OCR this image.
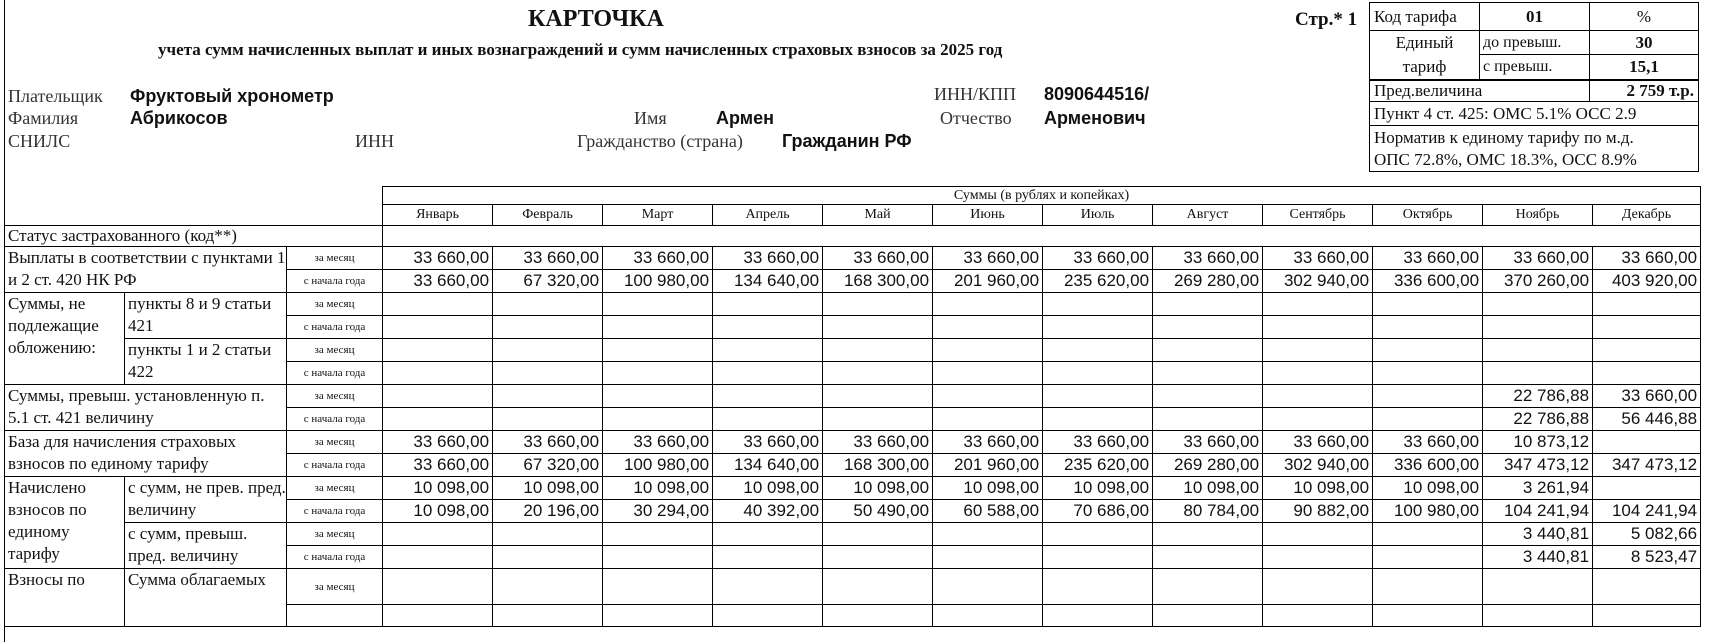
КАРТОЧКА
учета сумм начисленных выплат и иных вознаграждений и сумм начисленных страховых взносов за 2025 год
Стр.* 1
Плательщик Фруктовый хронометр	ИНН/КПП 8090644516/
Фамилия	Абрикосов	Имя	Армен	Отчество Арменович
СНИЛС	ИНН	Гражданство (страна) Гражданин РФ
Код тарифа	01	%
Единый
тариф	до превыш.	30
	с превыш.	15,1
Пред.величина		2 759 т.р.
Пункт 4 ст. 425: ОМС 5.1% ОСС 2.9		
Норматив к единому тарифу по м.д.
ОПС 72.8%, ОМС 18.3%, ОСС 8.9%		
			Суммы (в рублях и копейках)											
			Январь	Февраль	Март	Апрель	Май	Июнь	Июль	Август	Сентябрь	Октябрь	Ноябрь	Декабрь
Статус застрахованного (код**)														
Выплаты в соответствии с пунктами 1 и 2 ст. 420 НК РФ		за месяц	33 660,00	33 660,00	33 660,00	33 660,00	33 660,00	33 660,00	33 660,00	33 660,00	33 660,00	33 660,00	33 660,00	33 660,00
		с начала года	33 660,00	67 320,00	100 980,00	134 640,00	168 300,00	201 960,00	235 620,00	269 280,00	302 940,00	336 600,00	370 260,00	403 920,00
Суммы, не подлежащие обложению:	пункты 8 и 9 статьи 421	за месяц												
		с начала года												
	пункты 1 и 2 статьи 422	за месяц												
		с начала года												
Суммы, превыш. установленную п. 5.1 ст. 421 величину		за месяц											22 786,88	33 660,00
		с начала года											22 786,88	56 446,88
База для начисления страховых взносов по единому тарифу		за месяц	33 660,00	33 660,00	33 660,00	33 660,00	33 660,00	33 660,00	33 660,00	33 660,00	33 660,00	33 660,00	10 873,12	
		с начала года	33 660,00	67 320,00	100 980,00	134 640,00	168 300,00	201 960,00	235 620,00	269 280,00	302 940,00	336 600,00	347 473,12	347 473,12
Начислено взносов по единому тарифу	с сумм, не прев. пред. величину	за месяц	10 098,00	10 098,00	10 098,00	10 098,00	10 098,00	10 098,00	10 098,00	10 098,00	10 098,00	10 098,00	3 261,94	
		с начала года	10 098,00	20 196,00	30 294,00	40 392,00	50 490,00	60 588,00	70 686,00	80 784,00	90 882,00	100 980,00	104 241,94	104 241,94
	с сумм, превыш. пред. величину	за месяц											3 440,81	5 082,66
		с начала года											3 440,81	8 523,47
Взносы по	Сумма облагаемых	за месяц												
